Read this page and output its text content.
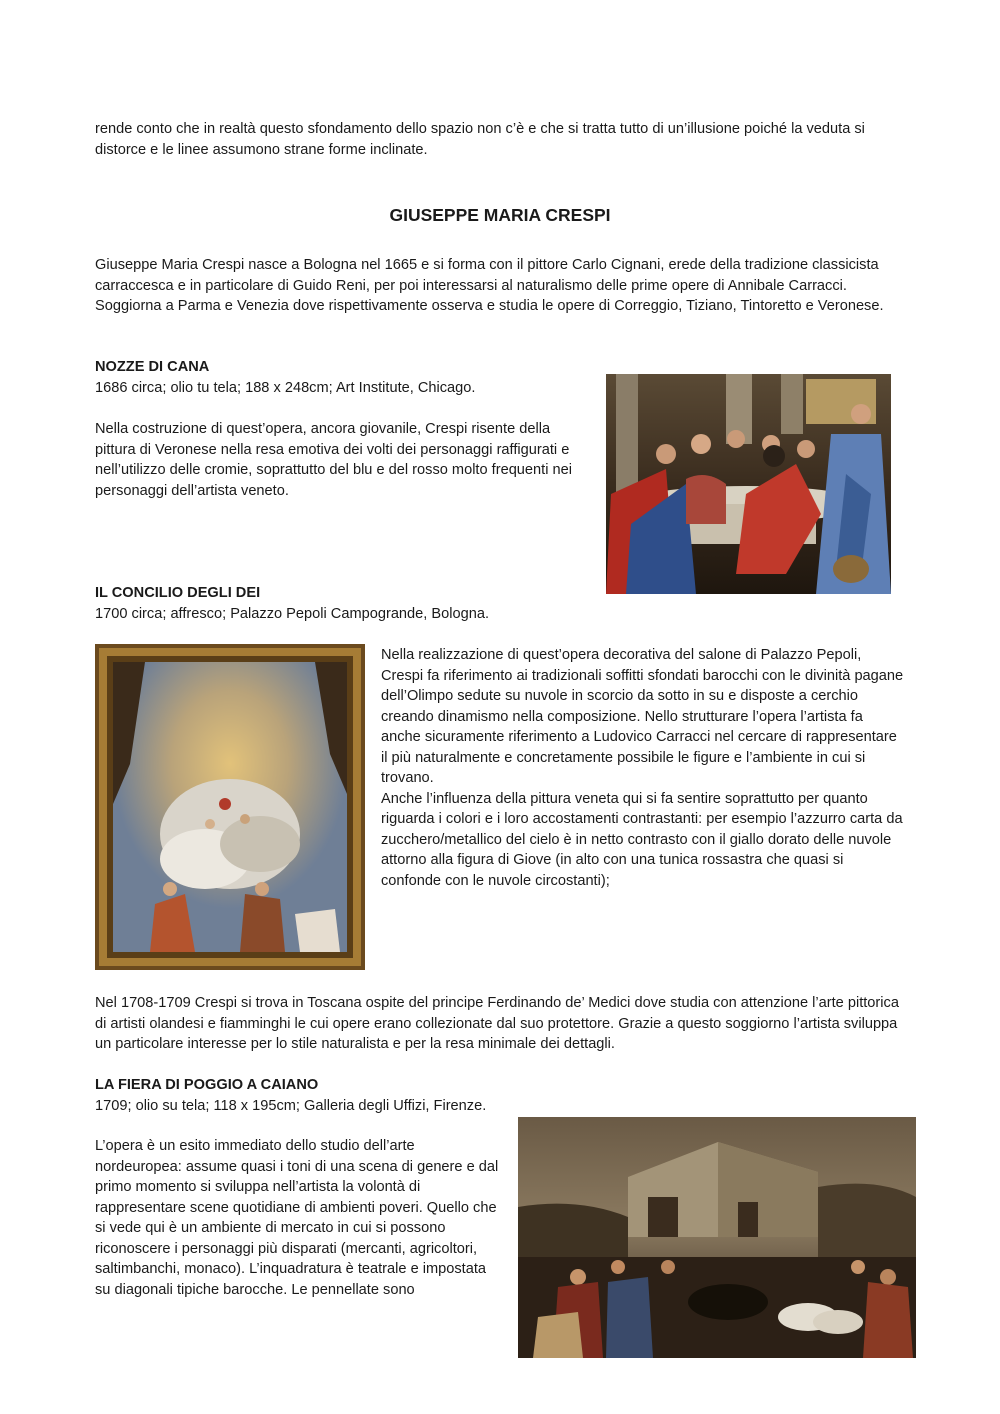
rende conto che in realtà questo sfondamento dello spazio non c’è e che si tratta tutto di un’illusione poiché la veduta si distorce e le linee assumono strane forme inclinate.

GIUSEPPE MARIA CRESPI

Giuseppe Maria Crespi nasce a Bologna nel 1665 e si forma con il pittore Carlo Cignani, erede della tradizione classicista carraccesca e in particolare di Guido Reni, per poi interessarsi al naturalismo delle prime opere di Annibale Carracci. Soggiorna a Parma e Venezia dove rispettivamente osserva e studia le opere di Correggio, Tiziano, Tintoretto e Veronese.

NOZZE DI CANA
1686 circa; olio tu tela; 188 x 248cm; Art Institute, Chicago.

Nella costruzione di quest’opera, ancora giovanile, Crespi risente della pittura di Veronese nella resa emotiva dei volti dei personaggi raffigurati e nell’utilizzo delle cromie, soprattutto del blu e del rosso molto frequenti nei personaggi dell’artista veneto.

IL CONCILIO DEGLI DEI
1700 circa; affresco; Palazzo Pepoli Campogrande, Bologna.

Nella realizzazione di quest’opera decorativa del salone di Palazzo Pepoli, Crespi fa riferimento ai tradizionali soffitti sfondati barocchi con le divinità pagane dell’Olimpo sedute su nuvole in scorcio da sotto in su e disposte a cerchio creando dinamismo nella composizione. Nello strutturare l’opera l’artista fa anche sicuramente riferimento a Ludovico Carracci nel cercare di rappresentare il più naturalmente e concretamente possibile le figure e l’ambiente in cui si trovano.
Anche l’influenza della pittura veneta qui si fa sentire soprattutto per quanto riguarda i colori e i loro accostamenti contrastanti: per esempio l’azzurro carta da zucchero/metallico del cielo è in netto contrasto con il giallo dorato delle nuvole attorno alla figura di Giove (in alto con una tunica rossastra che quasi si confonde con le nuvole circostanti);

Nel 1708-1709 Crespi si trova in Toscana ospite del principe Ferdinando de’ Medici dove studia con attenzione l’arte pittorica di artisti olandesi e fiamminghi le cui opere erano collezionate dal suo protettore. Grazie a questo soggiorno l’artista sviluppa un particolare interesse per lo stile naturalista e per la resa minimale dei dettagli.

LA FIERA DI POGGIO A CAIANO
1709; olio su tela; 118 x 195cm; Galleria degli Uffizi, Firenze.

L’opera è un esito immediato dello studio dell’arte nordeuropea: assume quasi i toni di una scena di genere e dal primo momento si sviluppa nell’artista la volontà di rappresentare scene quotidiane di ambienti poveri. Quello che si vede qui è un ambiente di mercato in cui si possono riconoscere i personaggi più disparati (mercanti, agricoltori, saltimbanchi, monaco). L’inquadratura è teatrale e impostata su diagonali tipiche barocche. Le pennellate sono
